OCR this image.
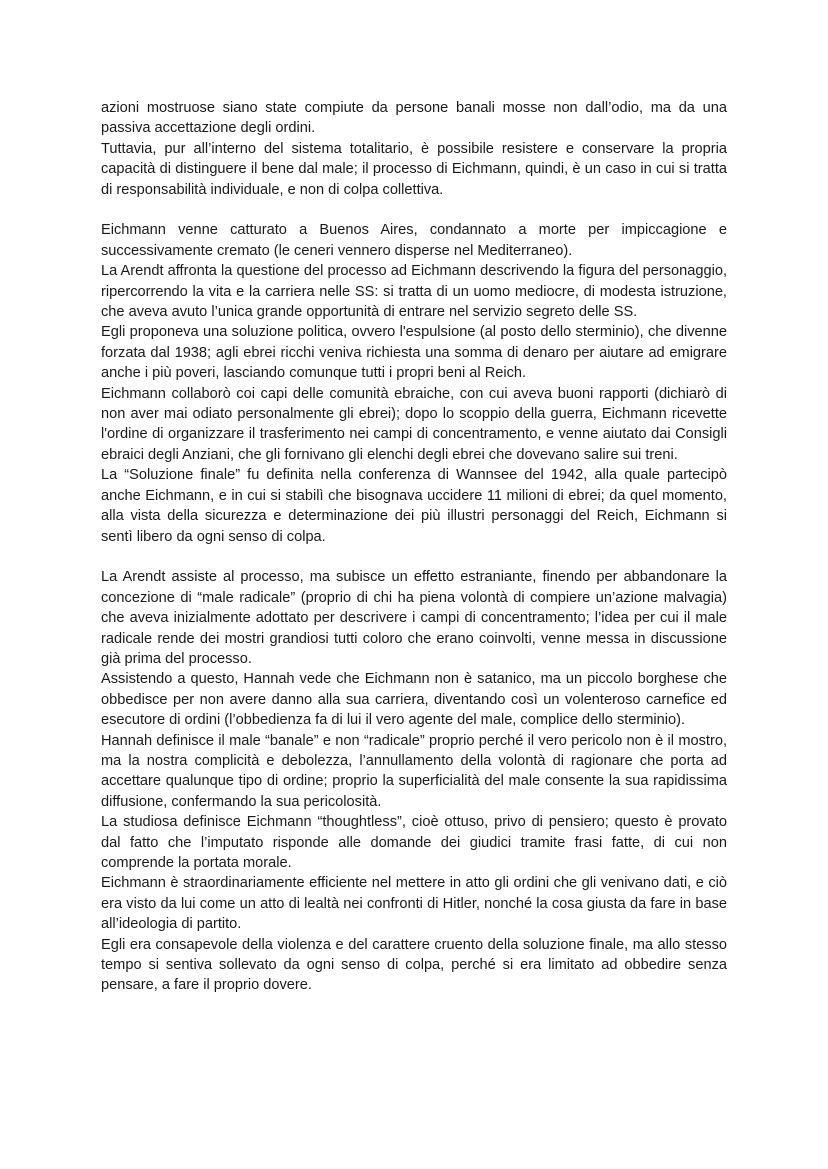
azioni mostruose siano state compiute da persone banali mosse non dall’odio, ma da una passiva accettazione degli ordini.

Tuttavia, pur all’interno del sistema totalitario, è possibile resistere e conservare la propria capacità di distinguere il bene dal male; il processo di Eichmann, quindi, è un caso in cui si tratta di responsabilità individuale, e non di colpa collettiva.

Eichmann venne catturato a Buenos Aires, condannato a morte per impiccagione e successivamente cremato (le ceneri vennero disperse nel Mediterraneo).

La Arendt affronta la questione del processo ad Eichmann descrivendo la figura del personaggio, ripercorrendo la vita e la carriera nelle SS: si tratta di un uomo mediocre, di modesta istruzione, che aveva avuto l’unica grande opportunità di entrare nel servizio segreto delle SS.

Egli proponeva una soluzione politica, ovvero l'espulsione (al posto dello sterminio), che divenne forzata dal 1938; agli ebrei ricchi veniva richiesta una somma di denaro per aiutare ad emigrare anche i più poveri, lasciando comunque tutti i propri beni al Reich.

Eichmann collaborò coi capi delle comunità ebraiche, con cui aveva buoni rapporti (dichiarò di non aver mai odiato personalmente gli ebrei); dopo lo scoppio della guerra, Eichmann ricevette l'ordine di organizzare il trasferimento nei campi di concentramento, e venne aiutato dai Consigli ebraici degli Anziani, che gli fornivano gli elenchi degli ebrei che dovevano salire sui treni.

La “Soluzione finale” fu definita nella conferenza di Wannsee del 1942, alla quale partecipò anche Eichmann, e in cui si stabilì che bisognava uccidere 11 milioni di ebrei; da quel momento, alla vista della sicurezza e determinazione dei più illustri personaggi del Reich, Eichmann si sentì libero da ogni senso di colpa.

La Arendt assiste al processo, ma subisce un effetto estraniante, finendo per abbandonare la concezione di “male radicale” (proprio di chi ha piena volontà di compiere un’azione malvagia) che aveva inizialmente adottato per descrivere i campi di concentramento; l’idea per cui il male radicale rende dei mostri grandiosi tutti coloro che erano coinvolti, venne messa in discussione già prima del processo.

Assistendo a questo, Hannah vede che Eichmann non è satanico, ma un piccolo borghese che obbedisce per non avere danno alla sua carriera, diventando così un volenteroso carnefice ed esecutore di ordini (l’obbedienza fa di lui il vero agente del male, complice dello sterminio).

Hannah definisce il male “banale” e non “radicale” proprio perché il vero pericolo non è il mostro, ma la nostra complicità e debolezza, l’annullamento della volontà di ragionare che porta ad accettare qualunque tipo di ordine; proprio la superficialità del male consente la sua rapidissima diffusione, confermando la sua pericolosità.

La studiosa definisce Eichmann “thoughtless”, cioè ottuso, privo di pensiero; questo è provato dal fatto che l’imputato risponde alle domande dei giudici tramite frasi fatte, di cui non comprende la portata morale.

Eichmann è straordinariamente efficiente nel mettere in atto gli ordini che gli venivano dati, e ciò era visto da lui come un atto di lealtà nei confronti di Hitler, nonché la cosa giusta da fare in base all’ideologia di partito.

Egli era consapevole della violenza e del carattere cruento della soluzione finale, ma allo stesso tempo si sentiva sollevato da ogni senso di colpa, perché si era limitato ad obbedire senza pensare, a fare il proprio dovere.
